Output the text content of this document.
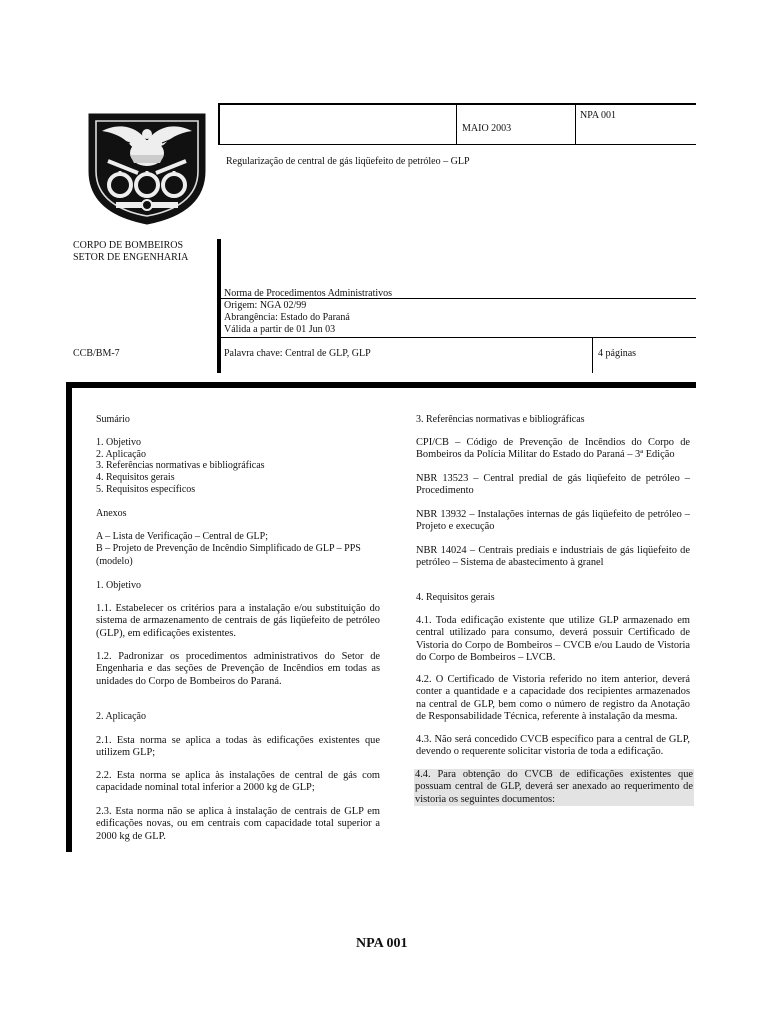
MAIO 2003
NPA 001
Regularização de central de gás liqüefeito de petróleo – GLP
CORPO DE BOMBEIROS
SETOR DE ENGENHARIA
Norma de Procedimentos Administrativos
Origem: NGA 02/99
Abrangência: Estado do Paraná
Válida a partir de 01 Jun 03
CCB/BM-7	Palavra chave: Central de GLP, GLP	4 páginas
Sumário
1. Objetivo
2. Aplicação
3. Referências normativas e bibliográficas
4. Requisitos gerais
5. Requisitos específicos
Anexos
A – Lista de Verificação – Central de GLP;
B – Projeto de Prevenção de Incêndio Simplificado de GLP – PPS (modelo)
1. Objetivo
1.1. Estabelecer os critérios para a instalação e/ou substituição do sistema de armazenamento de centrais de gás liqüefeito de petróleo (GLP), em edificações existentes.
1.2. Padronizar os procedimentos administrativos do Setor de Engenharia e das seções de Prevenção de Incêndios em todas as unidades do Corpo de Bombeiros do Paraná.
2. Aplicação
2.1. Esta norma se aplica a todas às edificações existentes que utilizem GLP;
2.2. Esta norma se aplica às instalações de central de gás com capacidade nominal total inferior a 2000 kg de GLP;
2.3. Esta norma não se aplica à instalação de centrais de GLP em edificações novas, ou em centrais com capacidade total superior a 2000 kg de GLP.
3. Referências normativas e bibliográficas
CPI/CB – Código de Prevenção de Incêndios do Corpo de Bombeiros da Polícia Militar do Estado do Paraná – 3ª Edição
NBR 13523 – Central predial de gás liqüefeito de petróleo – Procedimento
NBR 13932 – Instalações internas de gás liqüefeito de petróleo – Projeto e execução
NBR 14024 – Centrais prediais e industriais de gás liqüefeito de petróleo – Sistema de abastecimento à granel
4. Requisitos gerais
4.1. Toda edificação existente que utilize GLP armazenado em central utilizado para consumo, deverá possuir Certificado de Vistoria do Corpo de Bombeiros – CVCB e/ou Laudo de Vistoria do Corpo de Bombeiros – LVCB.
4.2. O Certificado de Vistoria referido no item anterior, deverá conter a quantidade e a capacidade dos recipientes armazenados na central de GLP, bem como o número de registro da Anotação de Responsabilidade Técnica, referente à instalação da mesma.
4.3. Não será concedido CVCB específico para a central de GLP, devendo o requerente solicitar vistoria de toda a edificação.
4.4. Para obtenção do CVCB de edificações existentes que possuam central de GLP, deverá ser anexado ao requerimento de vistoria os seguintes documentos:
NPA 001
